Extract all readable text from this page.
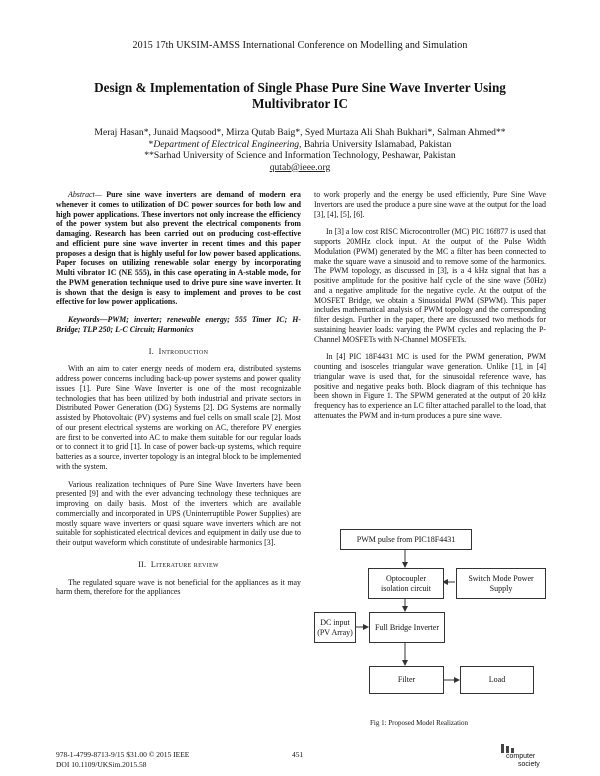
2015 17th UKSIM-AMSS International Conference on Modelling and Simulation
Design & Implementation of Single Phase Pure Sine Wave Inverter Using
Multivibrator IC
Meraj Hasan*, Junaid Maqsood*, Mirza Qutab Baig*, Syed Murtaza Ali Shah Bukhari*, Salman Ahmed**
*Department of Electrical Engineering, Bahria University Islamabad, Pakistan
**Sarhad University of Science and Information Technology, Peshawar, Pakistan
qutab@ieee.org

Abstract— Pure sine wave inverters are demand of modern era whenever it comes to utilization of DC power sources for both low and high power applications. These invertors not only increase the efficiency of the power system but also prevent the electrical components from damaging. Research has been carried out on producing cost-effective and efficient pure sine wave inverter in recent times and this paper proposes a design that is highly useful for low power based applications. Paper focuses on utilizing renewable solar energy by incorporating Multi vibrator IC (NE 555), in this case operating in A-stable mode, for the PWM generation technique used to drive pure sine wave inverter. It is shown that the design is easy to implement and proves to be cost effective for low power applications.

Keywords—PWM; inverter; renewable energy; 555 Timer IC; H-Bridge; TLP 250; L-C Circuit; Harmonics

I. Introduction

With an aim to cater energy needs of modern era, distributed systems address power concerns including back-up power systems and power quality issues [1]. Pure Sine Wave Inverter is one of the most recognizable technologies that has been utilized by both industrial and private sectors in Distributed Power Generation (DG) Systems [2]. DG Systems are normally assisted by Photovoltaic (PV) systems and fuel cells on small scale [2]. Most of our present electrical systems are working on AC, therefore PV energies are first to be converted into AC to make them suitable for our regular loads or to connect it to grid [1]. In case of power back-up systems, which require batteries as a source, inverter topology is an integral block to be implemented with the system.

Various realization techniques of Pure Sine Wave Inverters have been presented [9] and with the ever advancing technology these techniques are improving on daily basis. Most of the inverters which are available commercially and incorporated in UPS (Uninterruptible Power Supplies) are mostly square wave inverters or quasi square wave inverters which are not suitable for sophisticated electrical devices and equipment in daily use due to their output waveform which constitute of undesirable harmonics [3].

II. Literature review

The regulated square wave is not beneficial for the appliances as it may harm them, therefore for the appliances

to work properly and the energy be used efficiently, Pure Sine Wave Invertors are used the produce a pure sine wave at the output for the load [3], [4], [5], [6].

In [3] a low cost RISC Microcontroller (MC) PIC 16f877 is used that supports 20MHz clock input. At the output of the Pulse Width Modulation (PWM) generated by the MC a filter has been connected to make the square wave a sinusoid and to remove some of the harmonics. The PWM topology, as discussed in [3], is a 4 kHz signal that has a positive amplitude for the positive half cycle of the sine wave (50Hz) and a negative amplitude for the negative cycle. At the output of the MOSFET Bridge, we obtain a Sinusoidal PWM (SPWM). This paper includes mathematical analysis of PWM topology and the corresponding filter design. Further in the paper, there are discussed two methods for sustaining heavier loads: varying the PWM cycles and replacing the P-Channel MOSFETs with N-Channel MOSFETs.

In [4] PIC 18F4431 MC is used for the PWM generation, PWM counting and isosceles triangular wave generation. Unlike [1], in [4] triangular wave is used that, for the sinusoidal reference wave, has positive and negative peaks both. Block diagram of this technique has been shown in Figure 1. The SPWM generated at the output of 20 kHz frequency has to experience an LC filter attached parallel to the load, that attenuates the PWM and in-turn produces a pure sine wave.

PWM pulse from PIC18F4431
Optocoupler
isolation circuit
Switch Mode Power
Supply
DC input
(PV Array)
Full Bridge Inverter
Filter	Load
Fig 1: Proposed Model Realization
978-1-4799-8713-9/15 $31.00 © 2015 IEEE
DOI 10.1109/UKSim.2015.58
451	computer
society
